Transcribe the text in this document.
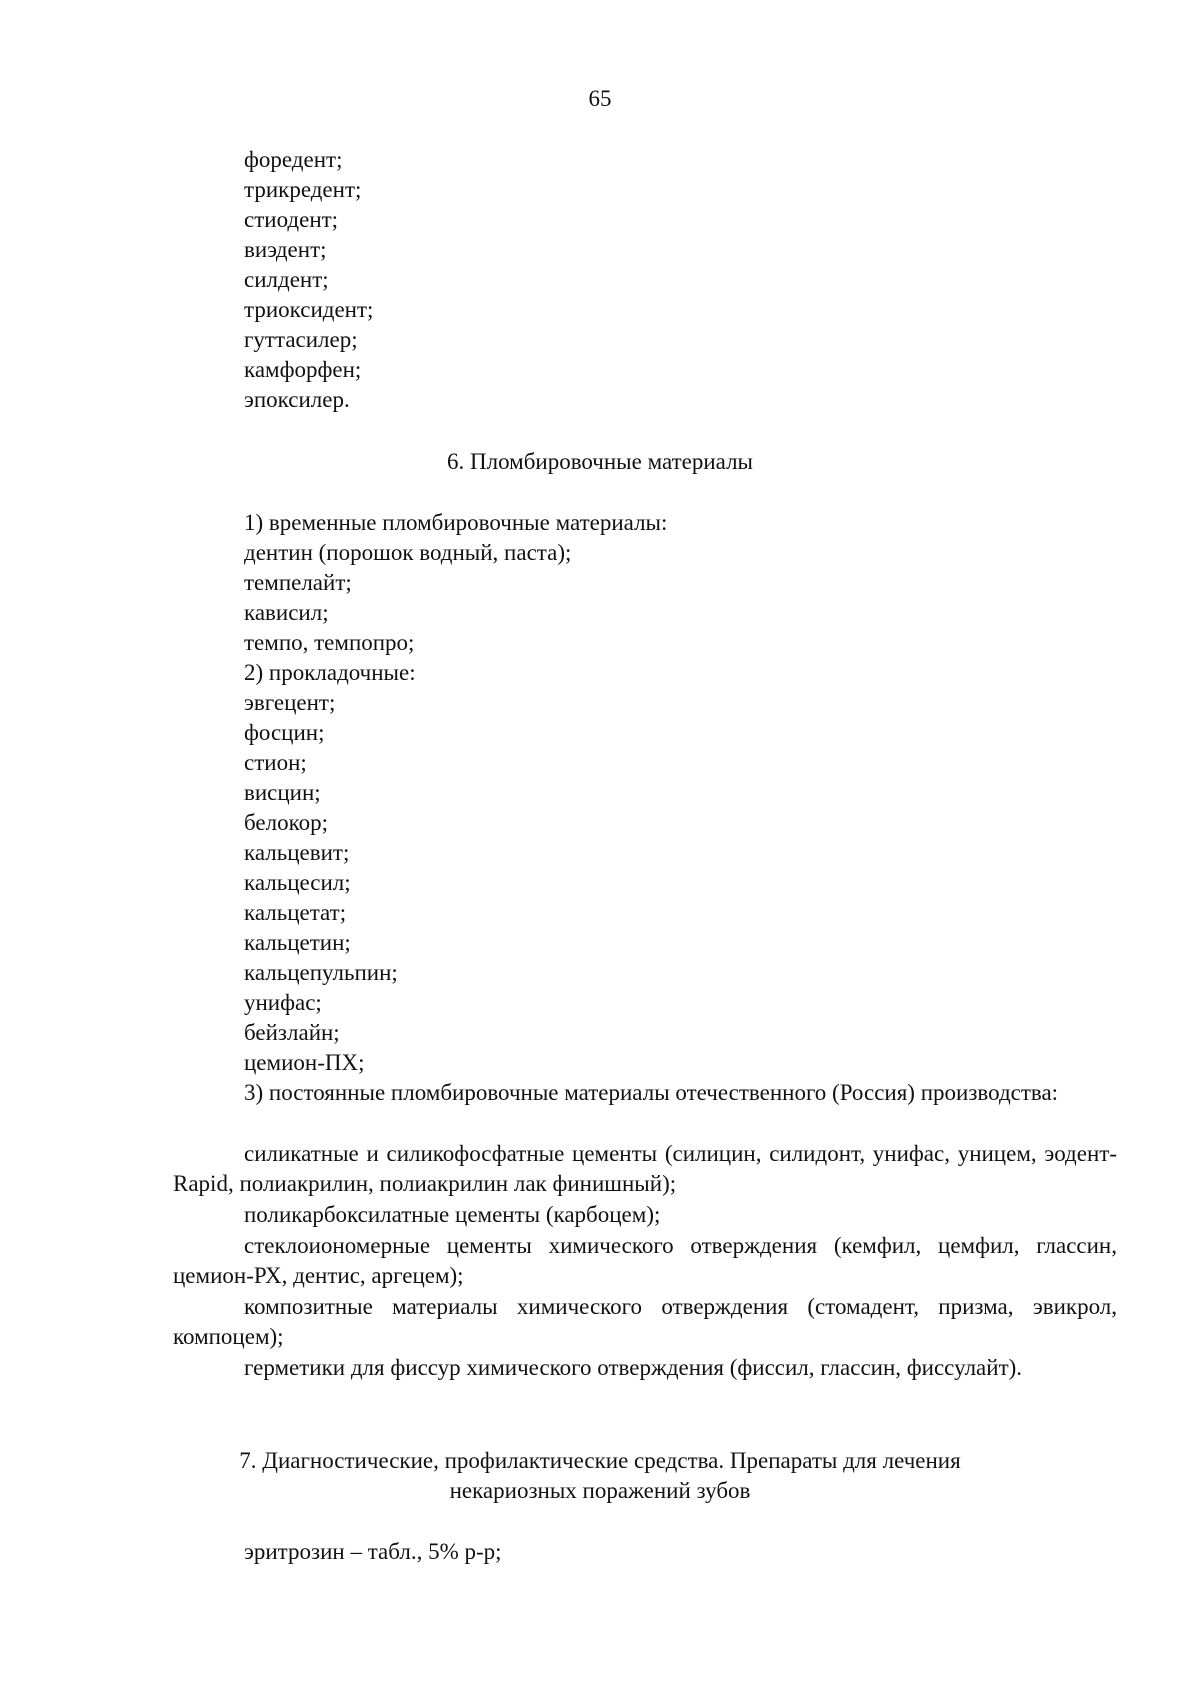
65
форедент;
трикредент;
стиодент;
виэдент;
силдент;
триоксидент;
гуттасилер;
камфорфен;
эпоксилер.
6. Пломбировочные материалы
1) временные пломбировочные материалы:
дентин (порошок водный, паста);
темпелайт;
кависил;
темпо, темпопро;
2) прокладочные:
эвгецент;
фосцин;
стион;
висцин;
белокор;
кальцевит;
кальцесил;
кальцетат;
кальцетин;
кальцепульпин;
унифас;
бейзлайн;
цемион-ПХ;

3) постоянные пломбировочные материалы отечественного (Россия) производства:

силикатные и силикофосфатные цементы (силицин, силидонт, унифас, уницем, эодент-Rapid, полиакрилин, полиакрилин лак финишный);

поликарбоксилатные цементы (карбоцем);

стеклоиономерные цементы химического отверждения (кемфил, цемфил, глассин, цемион-РХ, дентис, аргецем);

композитные материалы химического отверждения (стомадент, призма, эвикрол, компоцем);

герметики для фиссур химического отверждения (фиссил, глассин, фиссулайт).

7. Диагностические, профилактические средства. Препараты для лечения
некариозных поражений зубов
эритрозин – табл., 5% р-р;
